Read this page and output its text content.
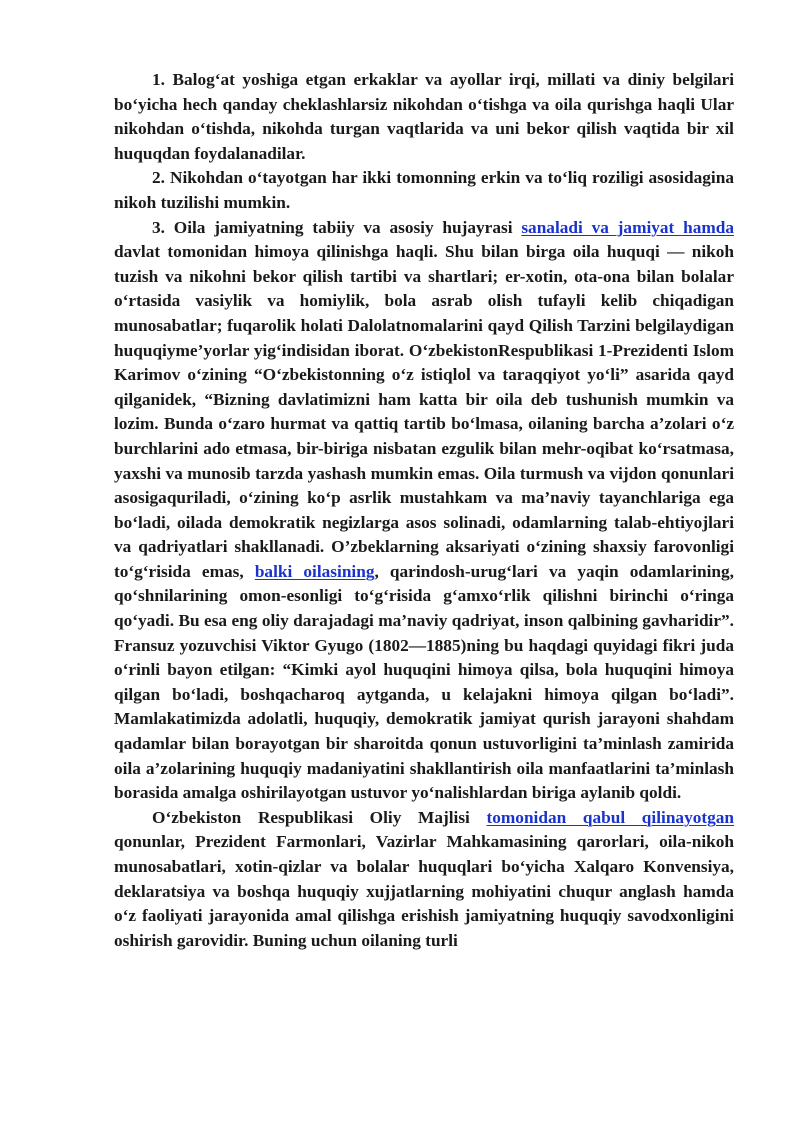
1. Balog‘at yoshiga etgan erkaklar va ayollar irqi, millati va diniy belgilari bo‘yicha hech qanday cheklashlarsiz nikohdan o‘tishga va oila qurishga haqli Ular nikohdan o‘tishda, nikohda turgan vaqtlarida va uni bekor qilish vaqtida bir xil huquqdan foydalanadilar.

2. Nikohdan o‘tayotgan har ikki tomonning erkin va to‘liq roziligi asosidagina nikoh tuzilishi mumkin.

3. Oila jamiyatning tabiiy va asosiy hujayrasi sanaladi va jamiyat hamda davlat tomonidan himoya qilinishga haqli. Shu bilan birga oila huquqi — nikoh tuzish va nikohni bekor qilish tartibi va shartlari; er-xotin, ota-ona bilan bolalar o‘rtasida vasiylik va homiylik, bola asrab olish tufayli kelib chiqadigan munosabatlar; fuqarolik holati Dalolatnomalarini qayd Qilish Tarzini belgilaydigan huquqiyme’yorlar yig‘indisidan iborat. O‘zbekistonRespublikasi 1-Prezidenti Islom Karimov o‘zining “O‘zbekistonning o‘z istiqlol va taraqqiyot yo‘li” asarida qayd qilganidek, “Bizning davlatimizni ham katta bir oila deb tushunish mumkin va lozim. Bunda o‘zaro hurmat va qattiq tartib bo‘lmasa, oilaning barcha a’zolari o‘z burchlarini ado etmasa, bir-biriga nisbatan ezgulik bilan mehr-oqibat ko‘rsatmasa, yaxshi va munosib tarzda yashash mumkin emas. Oila turmush va vijdon qonunlari asosigaquriladi, o‘zining ko‘p asrlik mustahkam va ma’naviy tayanchlariga ega bo‘ladi, oilada demokratik negizlarga asos solinadi, odamlarning talab-ehtiyojlari va qadriyatlari shakllanadi. O’zbeklarning aksariyati o‘zining shaxsiy farovonligi to‘g‘risida emas, balki oilasining, qarindosh-urug‘lari va yaqin odamlarining, qo‘shnilarining omon-esonligi to‘g‘risida g‘amxo‘rlik qilishni birinchi o‘ringa qo‘yadi. Bu esa eng oliy darajadagi ma’naviy qadriyat, inson qalbining gavharidir”. Fransuz yozuvchisi Viktor Gyugo (1802—1885)ning bu haqdagi quyidagi fikri juda o‘rinli bayon etilgan: “Kimki ayol huquqini himoya qilsa, bola huquqini himoya qilgan bo‘ladi, boshqacharoq aytganda, u kelajakni himoya qilgan bo‘ladi”. Mamlakatimizda adolatli, huquqiy, demokratik jamiyat qurish jarayoni shahdam qadamlar bilan borayotgan bir sharoitda qonun ustuvorligini ta’minlash zamirida oila a’zolarining huquqiy madaniyatini shakllantirish oila manfaatlarini ta’minlash borasida amalga oshirilayotgan ustuvor yo‘nalishlardan biriga aylanib qoldi.

O‘zbekiston Respublikasi Oliy Majlisi tomonidan qabul qilinayotgan qonunlar, Prezident Farmonlari, Vazirlar Mahkamasining qarorlari, oila-nikoh munosabatlari, xotin-qizlar va bolalar huquqlari bo‘yicha Xalqaro Konvensiya, deklaratsiya va boshqa huquqiy xujjatlarning mohiyatini chuqur anglash hamda o‘z faoliyati jarayonida amal qilishga erishish jamiyatning huquqiy savodxonligini oshirish garovidir. Buning uchun oilaning turli
